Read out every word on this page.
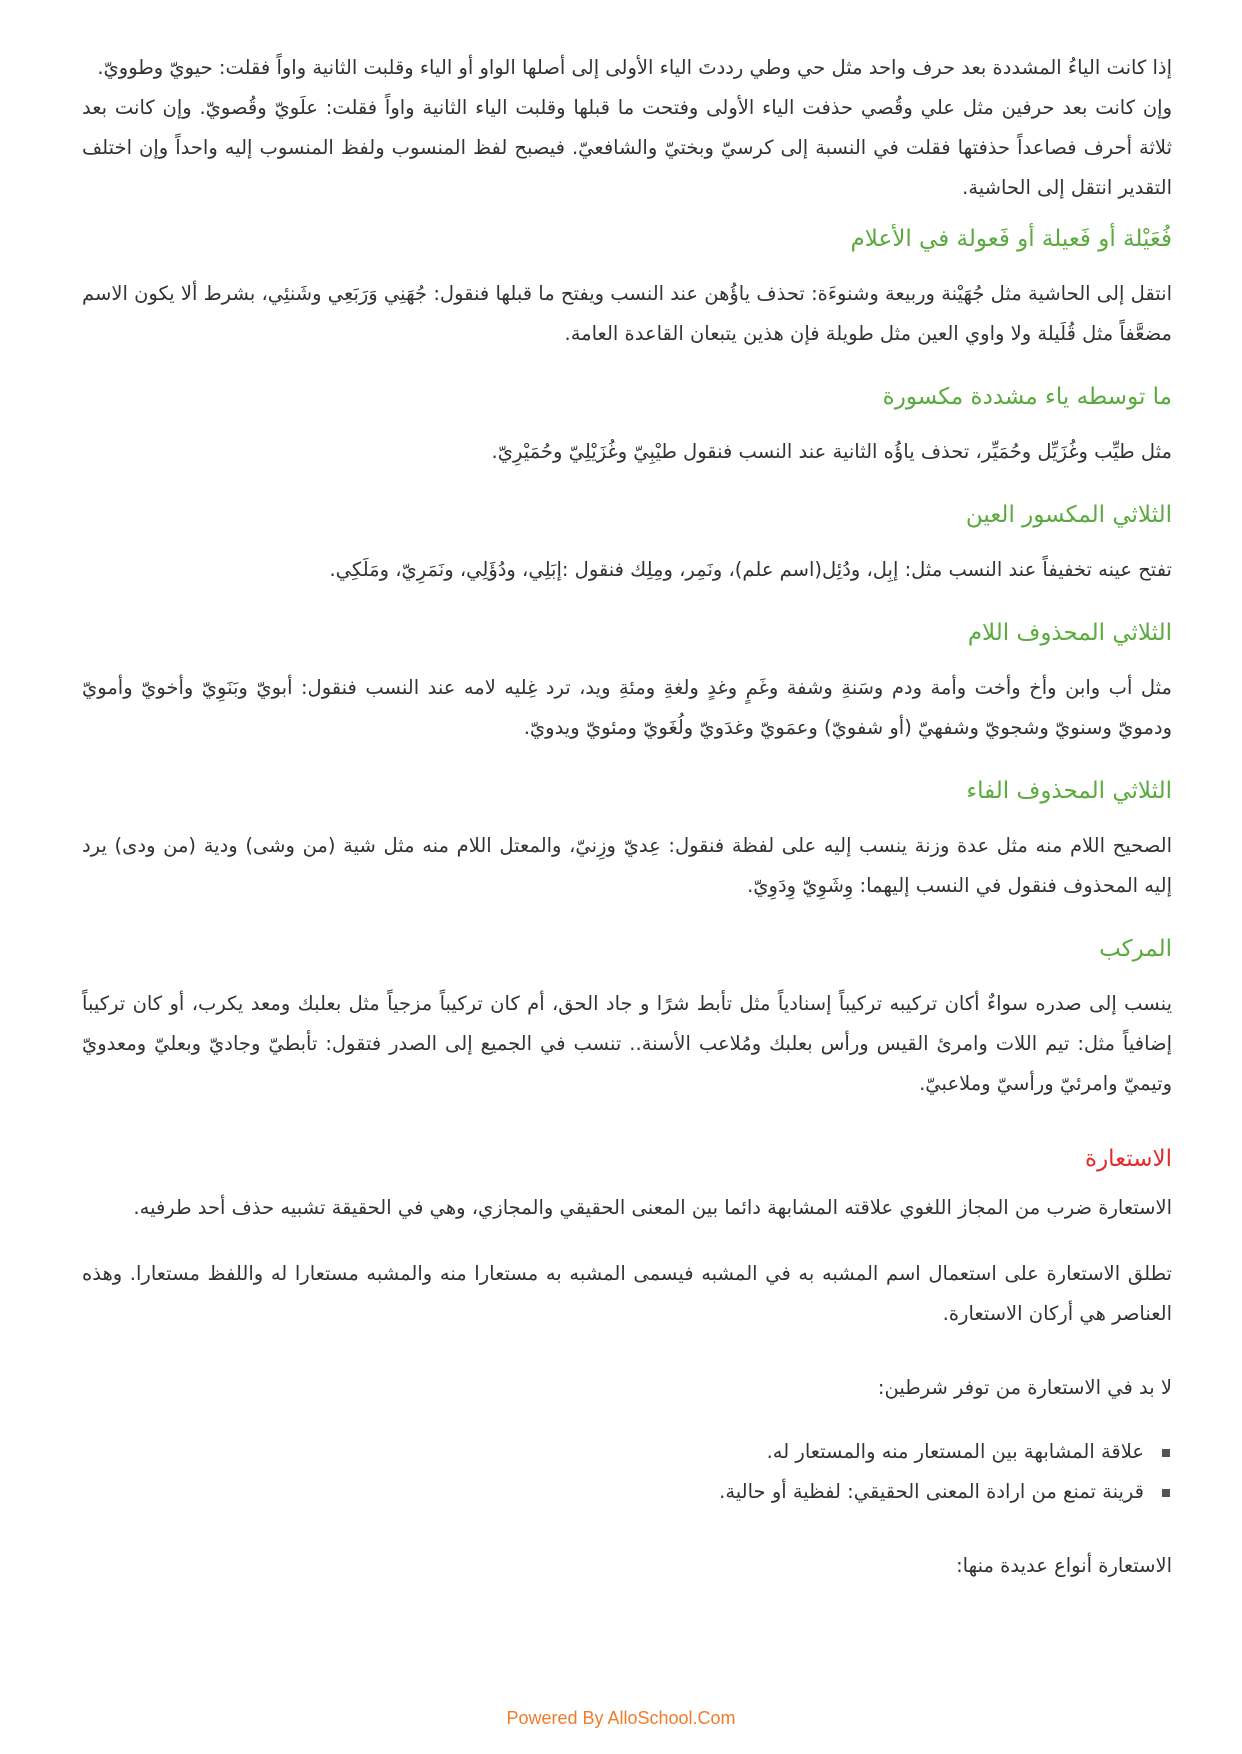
إذا كانت الياءُ المشددة بعد حرف واحد مثل حي وطي رددتَ الياء الأولى إلى أصلها الواو أو الياء وقلبت الثانية واواً فقلت: حيويّ وطوويّ.

وإن كانت بعد حرفين مثل علي وقُصي حذفت الياء الأولى وفتحت ما قبلها وقلبت الياء الثانية واواً فقلت: علَويّ وقُصويّ. وإن كانت بعد ثلاثة أحرف فصاعداً حذفتها فقلت في النسبة إلى كرسيّ وبختيّ والشافعيّ. فيصبح لفظ المنسوب ولفظ المنسوب إليه واحداً وإن اختلف التقدير انتقل إلى الحاشية.

فُعَيْلة أو فَعيلة أو فَعولة في الأعلام

انتقل إلى الحاشية مثل جُهَيْنة وربيعة وشنوءَة: تحذف ياؤُهن عند النسب ويفتح ما قبلها فنقول: جُهَنِي وَرَبَعِي وشَنئِي، بشرط ألا يكون الاسم مضعَّفاً مثل قُلَيلة ولا واوي العين مثل طويلة فإن هذين يتبعان القاعدة العامة.

ما توسطه ياء مشددة مكسورة

مثل طيِّب وغُزَيِّل وحُمَيِّر، تحذف ياؤُه الثانية عند النسب فنقول طيْبِيّ وغُزَيْلِيّ وحُمَيْرِيّ.

الثلاثي المكسور العين

تفتح عينه تخفيفاً عند النسب مثل: إبِل، ودُئِل(اسم علم)، ونَمِر، ومِلِك فنقول :إبَلِي، ودُؤَلِي، ونَمَرِيّ، ومَلَكِي.

الثلاثي المحذوف اللام

مثل أب وابن وأخ وأخت وأمة ودم وسَنةِ وشفة وغَمٍ وغدٍ ولغةِ ومئةِ ويد، ترد غِليه لامه عند النسب فنقول: أبويّ وبَنَوِيّ وأخويّ وأمويّ ودمويّ وسنويّ وشجويّ وشفهيّ (أو شفويّ) وعمَويّ وغدَويّ ولُغَويّ ومئويّ ويدويّ.

الثلاثي المحذوف الفاء

الصحيح اللام منه مثل عدة وزنة ينسب إليه على لفظة فنقول: عِديّ وزِنيّ، والمعتل اللام منه مثل شية (من وشى) ودية (من ودى) يرد إليه المحذوف فنقول في النسب إليهما: وِشَوِيّ وِدَوِيّ.

المركب

ينسب إلى صدره سواءٌ أكان تركيبه تركيباً إسنادياً مثل تأبط شرًا و جاد الحق، أم كان تركيباً مزجياً مثل بعلبك ومعد يكرب، أو كان تركيباً إضافياً مثل: تيم اللات وامرئ القيس ورأس بعلبك ومُلاعب الأسنة.. تنسب في الجميع إلى الصدر فتقول: تأبطيّ وجاديّ وبعليّ ومعدويّ وتيميّ وامرئيّ ورأسيّ وملاعبيّ.

الاستعارة

الاستعارة ضرب من المجاز اللغوي علاقته المشابهة دائما بين المعنى الحقيقي والمجازي، وهي في الحقيقة تشبيه حذف أحد طرفيه.

تطلق الاستعارة على استعمال اسم المشبه به في المشبه فيسمى المشبه به مستعارا منه والمشبه مستعارا له واللفظ مستعارا. وهذه العناصر هي أركان الاستعارة.

لا بد في الاستعارة من توفر شرطين:

علاقة المشابهة بين المستعار منه والمستعار له.
قرينة تمنع من ارادة المعنى الحقيقي: لفظية أو حالية.

الاستعارة أنواع عديدة منها:

Powered By AlloSchool.Com
